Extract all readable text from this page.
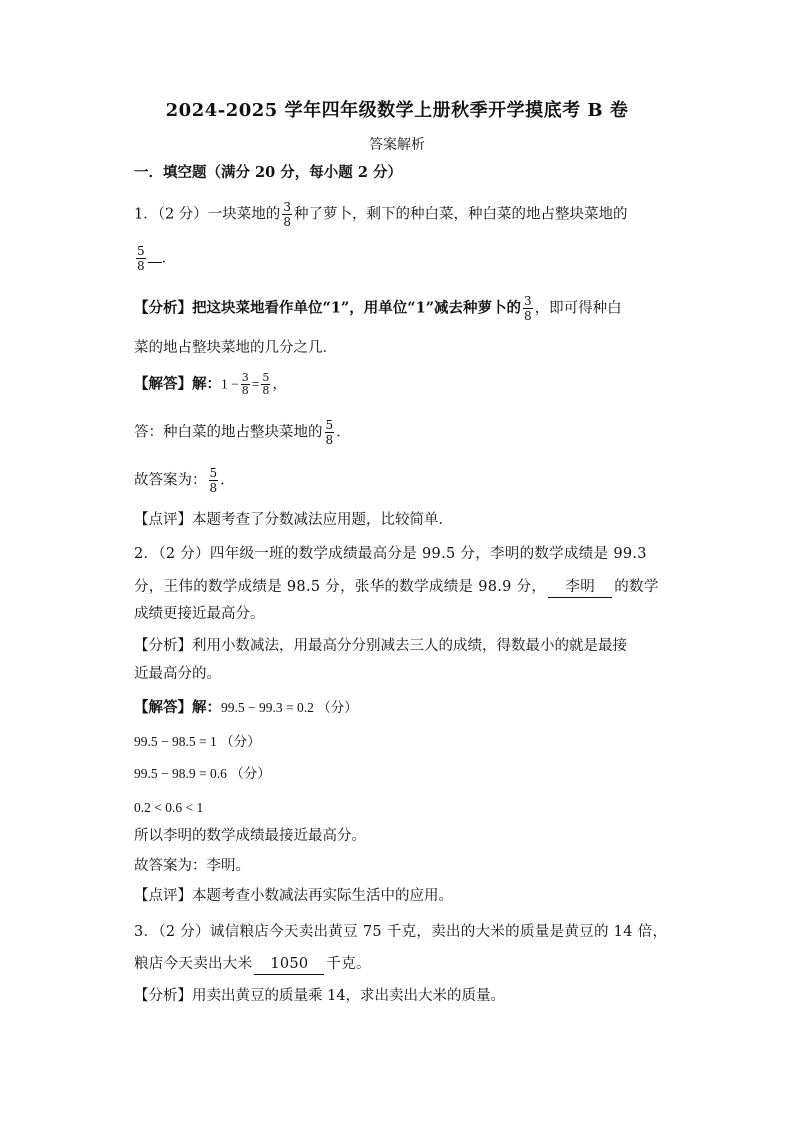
2024-2025 学年四年级数学上册秋季开学摸底考 B 卷
答案解析
一．填空题（满分 20 分，每小题 2 分）
1．（2 分）一块菜地的 $\frac{3}{8}$ 种了萝卜，剩下的种白菜，种白菜的地占整块菜地的
$\frac{5}{8}$ ．
【分析】把这块菜地看作单位“1”，用单位“1”减去种萝卜的 $\frac{3}{8}$ ，即可得种白
菜的地占整块菜地的几分之几．
【解答】解：$1 - \frac{3}{8} = \frac{5}{8}$ ，
答：种白菜的地占整块菜地的 $\frac{5}{8}$ ．
故答案为： $\frac{5}{8}$ ．
【点评】本题考查了分数减法应用题，比较简单．
2．（2 分）四年级一班的数学成绩最高分是 99.5 分，李明的数学成绩是 99.3
分，王伟的数学成绩是 98.5 分，张华的数学成绩是 98.9 分， 李明 的数学
成绩更接近最高分。
【分析】利用小数减法，用最高分分别减去三人的成绩，得数最小的就是最接
近最高分的。
【解答】解：99.5 − 99.3 = 0.2 （分）
99.5 − 98.5 = 1 （分）
99.5 − 98.9 = 0.6 （分）
0.2 < 0.6 < 1
所以李明的数学成绩最接近最高分。
故答案为：李明。
【点评】本题考查小数减法再实际生活中的应用。
3．（2 分）诚信粮店今天卖出黄豆 75 千克，卖出的大米的质量是黄豆的 14 倍，
粮店今天卖出大米 1050 千克。
【分析】用卖出黄豆的质量乘 14，求出卖出大米的质量。
